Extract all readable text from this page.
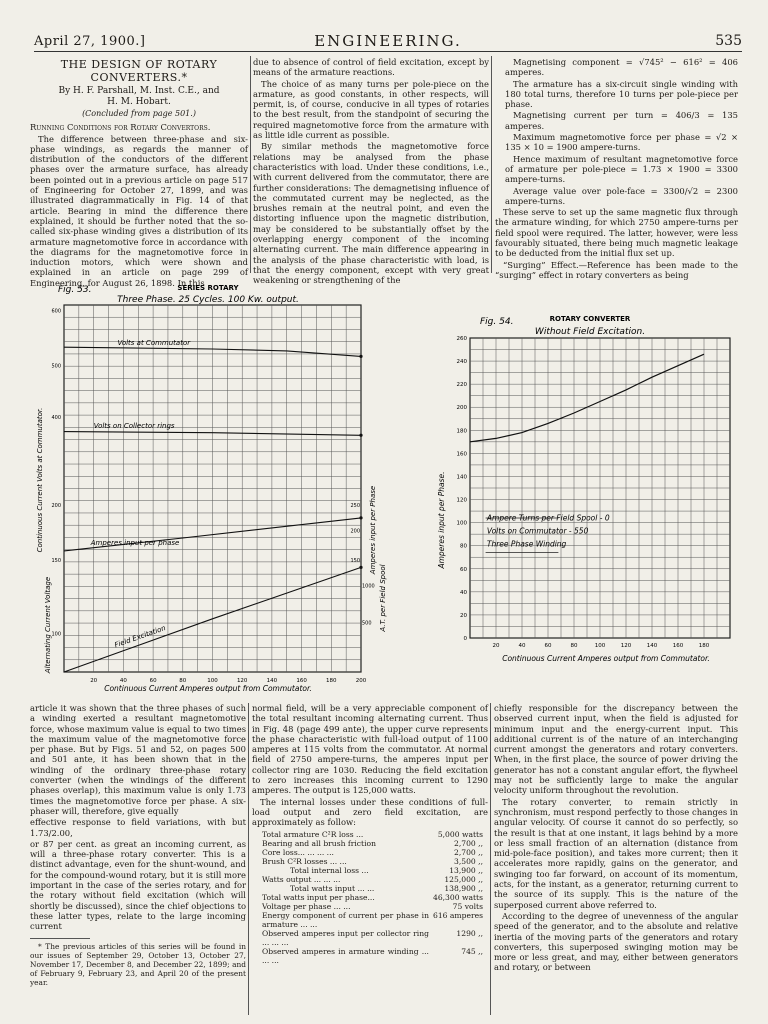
April 27, 1900.]	ENGINEERING.	535
THE DESIGN OF ROTARY
CONVERTERS.*
By H. F. Parshall, M. Inst. C.E., and
H. M. Hobart.
(Concluded from page 501.)

Running Conditions for Rotary Convertors.

The difference between three-phase and six-phase windings, as regards the manner of distribution of the conductors of the different phases over the armature surface, has already been pointed out in a previous article on page 517 of Engineering for October 27, 1899, and was illustrated diagrammatically in Fig. 14 of that article. Bearing in mind the difference there explained, it should be further noted that the so-called six-phase winding gives a distribution of its armature magnetomotive force in accordance with the diagrams for the magnetomotive force in induction motors, which were shown and explained in an article on page 299 of Engineering, for August 26, 1898. In this

due to absence of control of field excitation, except by means of the armature reactions.

The choice of as many turns per pole-piece on the armature, as good constants, in other respects, will permit, is, of course, conducive in all types of rotaries to the best result, from the standpoint of securing the required magnetomotive force from the armature with as little idle current as possible.

By similar methods the magnetomotive force relations may be analysed from the phase characteristics with load. Under these conditions, i.e., with current delivered from the commutator, there are further considerations: The demagnetising influence of the commutated current may be neglected, as the brushes remain at the neutral point, and even the distorting influence upon the magnetic distribution, may be considered to be substantially offset by the overlapping energy component of the incoming alternating current. The main difference appearing in the analysis of the phase characteristic with load, is that the energy component, except with very great weakening or strengthening of the

Magnetising component = √745² − 616² = 406 amperes.

The armature has a six-circuit single winding with 180 total turns, therefore 10 turns per pole-piece per phase.

Magnetising current per turn = 406/3 = 135 amperes.

Maximum magnetomotive force per phase = √2 × 135 × 10 = 1900 ampere-turns.

Hence maximum of resultant magnetomotive force of armature per pole-piece = 1.73 × 1900 = 3300 ampere-turns.

Average value over pole-face = 3300/√2 = 2300 ampere-turns.

These serve to set up the same magnetic flux through the armature winding, for which 2750 ampere-turns per field spool were required. The latter, however, were less favourably situated, there being much magnetic leakage to be deducted from the initial flux set up.

“Surging” Effect.—Reference has been made to the “surging” effect in rotary converters as being

Fig. 53.	SERIES ROTARY
Three Phase. 25 Cycles. 100 Kw. output.
20	40	60	80	100	120	140	160	180	200
600
500
400
200
150
100
250
200
150
1000
500
Volts at Commutator
Volts on Collector rings
Amperes input per phase
Field Excitation
Continuous Current Volts at Commutator.
Alternating Current Voltage
Amperes input per Phase
A.T. per Field Spool
Continuous Current Amperes output from Commutator.
Fig. 54.	ROTARY CONVERTER
Without Field Excitation.
20	40	60	80	100	120	140	160	180
0
20
40
60
80
100
120
140
160
180
200
220
240
260
Ampere Turns per Field Spool - 0
Volts on Commutator - 550
Three Phase Winding
Amperes input per Phase.
Continuous Current Amperes output from Commutator.

article it was shown that the three phases of such a winding exerted a resultant magnetomotive force, whose maximum value is equal to two times the maximum value of the magnetomotive force per phase. But by Figs. 51 and 52, on pages 500 and 501 ante, it has been shown that in the winding of the ordinary three-phase rotary converter (when the windings of the different phases overlap), this maximum value is only 1.73 times the magnetomotive force per phase. A six-phaser will, therefore, give equally

effective response to field variations, with but 1.73/2.00,

or 87 per cent. as great an incoming current, as will a three-phase rotary converter. This is a distinct advantage, even for the shunt-wound, and for the compound-wound rotary, but it is still more important in the case of the series rotary, and for the rotary without field excitation (which will shortly be discussed), since the chief objections to these latter types, relate to the large incoming current

* The previous articles of this series will be found in our issues of September 29, October 13, October 27, November 17, December 8, and December 22, 1899; and of February 9, February 23, and April 20 of the present year.

normal field, will be a very appreciable component of the total resultant incoming alternating current. Thus in Fig. 48 (page 499 ante), the upper curve represents the phase characteristic with full-load output of 1100 amperes at 115 volts from the commutator. At normal field of 2750 ampere-turns, the amperes input per collector ring are 1030. Reducing the field excitation to zero increases this incoming current to 1290 amperes. The output is 125,000 watts.

The internal losses under these conditions of full-load output and zero field excitation, are approximately as follow:

Total armature C²R loss ...	5,000 watts
Bearing and all brush friction	2,700 ,,
Core loss... ... ... ...	2,700 ,,
Brush C²R losses ... ...	3,500 ,,
Total internal loss ...	13,900 ,,
Watts output ... ... ...	125,000 ,,
Total watts input ... ...	138,900 ,,
Total watts input per phase...	46,300 watts
Voltage per phase ... ...	75 volts
Energy component of current per phase in armature ... ...	616 amperes
Observed amperes input per collector ring ... ... ...	1290 ,,
Observed amperes in armature winding ... ... ...	745 ,,

chiefly responsible for the discrepancy between the observed current input, when the field is adjusted for minimum input and the energy-current input. This additional current is of the nature of an interchanging current amongst the generators and rotary converters. When, in the first place, the source of power driving the generator has not a constant angular effort, the flywheel may not be sufficiently large to make the angular velocity uniform throughout the revolution.

The rotary converter, to remain strictly in synchronism, must respond perfectly to those changes in angular velocity. Of course it cannot do so perfectly, so the result is that at one instant, it lags behind by a more or less small fraction of an alternation (distance from mid-pole-face position), and takes more current; then it accelerates more rapidly, gains on the generator, and swinging too far forward, on account of its momentum, acts, for the instant, as a generator, returning current to the source of its supply. This is the nature of the superposed current above referred to.

According to the degree of unevenness of the angular speed of the generator, and to the absolute and relative inertia of the moving parts of the generators and rotary converters, this superposed swinging motion may be more or less great, and may, either between generators and rotary, or between
